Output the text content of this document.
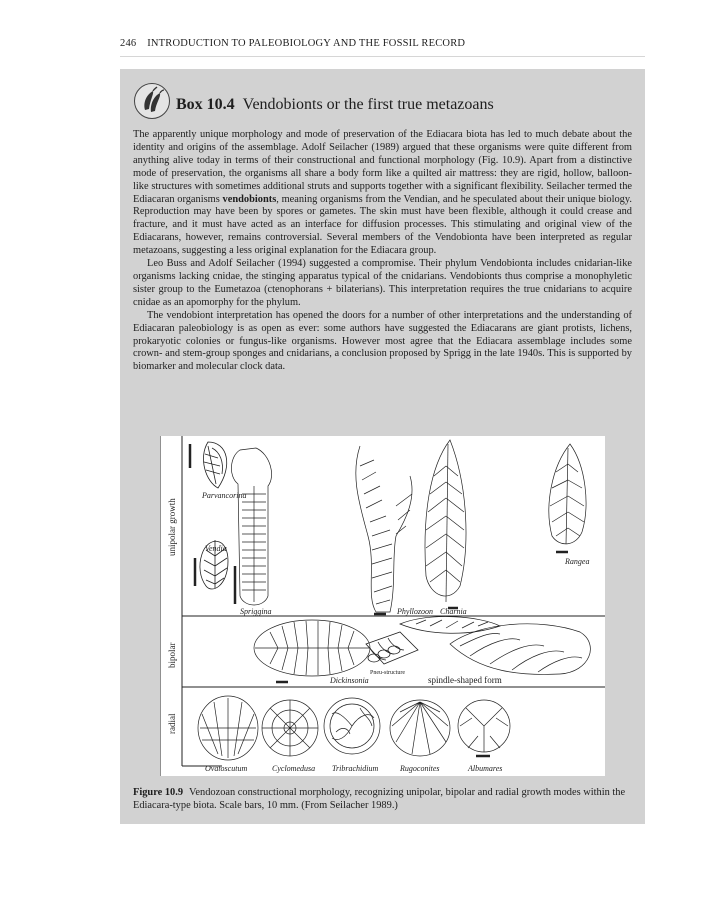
246 INTRODUCTION TO PALEOBIOLOGY AND THE FOSSIL RECORD
Box 10.4 Vendobionts or the first true metazoans

The apparently unique morphology and mode of preservation of the Ediacara biota has led to much debate about the identity and origins of the assemblage. Adolf Seilacher (1989) argued that these organisms were quite different from anything alive today in terms of their constructional and functional morphology (Fig. 10.9). Apart from a distinctive mode of preservation, the organisms all share a body form like a quilted air mattress: they are rigid, hollow, balloon-like structures with sometimes additional struts and supports together with a significant flexibility. Seilacher termed the Ediacaran organisms vendobionts, meaning organisms from the Vendian, and he speculated about their unique biology. Reproduction may have been by spores or gametes. The skin must have been flexible, although it could crease and fracture, and it must have acted as an interface for diffusion processes. This stimulating and original view of the Ediacarans, however, remains controversial. Several members of the Vendobionta have been interpreted as regular metazoans, suggesting a less original explanation for the Ediacara group.

Leo Buss and Adolf Seilacher (1994) suggested a compromise. Their phylum Vendobionta includes cnidarian-like organisms lacking cnidae, the stinging apparatus typical of the cnidarians. Vendobionts thus comprise a monophyletic sister group to the Eumetazoa (ctenophorans + bilaterians). This interpretation requires the true cnidarians to acquire cnidae as an apomorphy for the phylum.

The vendobiont interpretation has opened the doors for a number of other interpretations and the understanding of Ediacaran paleobiology is as open as ever: some authors have suggested the Ediacarans are giant protists, lichens, prokaryotic colonies or fungus-like organisms. However most agree that the Ediacara assemblage includes some crown- and stem-group sponges and cnidarians, a conclusion proposed by Sprigg in the late 1940s. This is supported by biomarker and molecular clock data.

unipolar growth
bipolar
radial
Parvancorina
Vendia
Spriggina	Phyllozoon Charnia
Rangea
Dickinsonia
Pneu-structure
spindle-shaped form
Ovatoscutum	Cyclomedusa Tribrachidium	Rugoconites	Albumares
Figure 10.9 Vendozoan constructional morphology, recognizing unipolar, bipolar and radial growth modes within the Ediacara-type biota. Scale bars, 10 mm. (From Seilacher 1989.)
